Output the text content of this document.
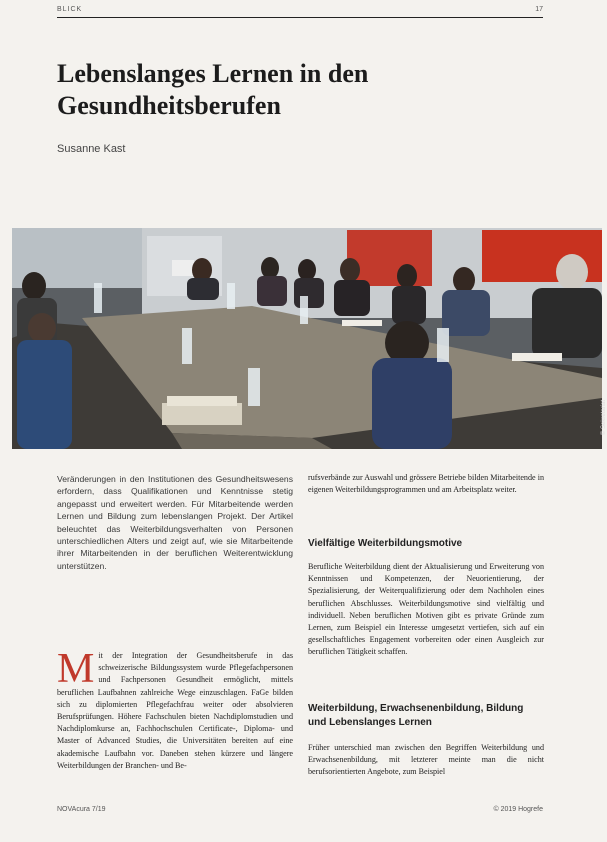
BLICK	17
Lebenslanges Lernen in den Gesundheitsberufen
Susanne Kast
© Sekretariat

Veränderungen in den Institutionen des Gesundheitswesens erfordern, dass Qualifikationen und Kenntnisse stetig angepasst und erweitert werden. Für Mitarbeitende werden Lernen und Bildung zum lebenslangen Projekt. Der Artikel beleuchtet das Weiterbildungsverhalten von Personen unterschiedlichen Alters und zeigt auf, wie sie Mitarbeitende ihrer Mitarbeitenden in der beruflichen Weiterentwicklung unterstützen.

M it der Integration der Gesundheitsberufe in das schweizerische Bildungssystem wurde Pflegefachpersonen und Fachpersonen Gesundheit ermöglicht, mittels beruflichen Laufbahnen zahlreiche Wege einzuschlagen. FaGe bilden sich zu diplomierten Pflegefachfrau weiter oder absolvieren Berufsprüfungen. Höhere Fachschulen bieten Nachdiplomstudien und Nachdiplomkurse an, Fachhochschulen Certificate-, Diploma- und Master of Advanced Studies, die Universitäten bereiten auf eine akademische Laufbahn vor. Daneben stehen kürzere und längere Weiterbildungen der Branchen- und Be-

rufsverbände zur Auswahl und grössere Betriebe bilden Mitarbeitende in eigenen Weiterbildungsprogrammen und am Arbeitsplatz weiter.

Vielfältige Weiterbildungsmotive

Berufliche Weiterbildung dient der Aktualisierung und Erweiterung von Kenntnissen und Kompetenzen, der Neuorientierung, der Spezialisierung, der Weiterqualifizierung oder dem Nachholen eines beruflichen Abschlusses. Weiterbildungsmotive sind vielfältig und individuell. Neben beruflichen Motiven gibt es private Gründe zum Lernen, zum Beispiel ein Interesse umgesetzt vertiefen, sich auf ein gesellschaftliches Engagement vorbereiten oder einen Ausgleich zur beruflichen Tätigkeit schaffen.

Weiterbildung, Erwachsenenbildung, Bildung und Lebenslanges Lernen

Früher unterschied man zwischen den Begriffen Weiterbildung und Erwachsenenbildung, mit letzterer meinte man die nicht berufsorientierten Angebote, zum Beispiel

NOVAcura 7/19	© 2019 Hogrefe
